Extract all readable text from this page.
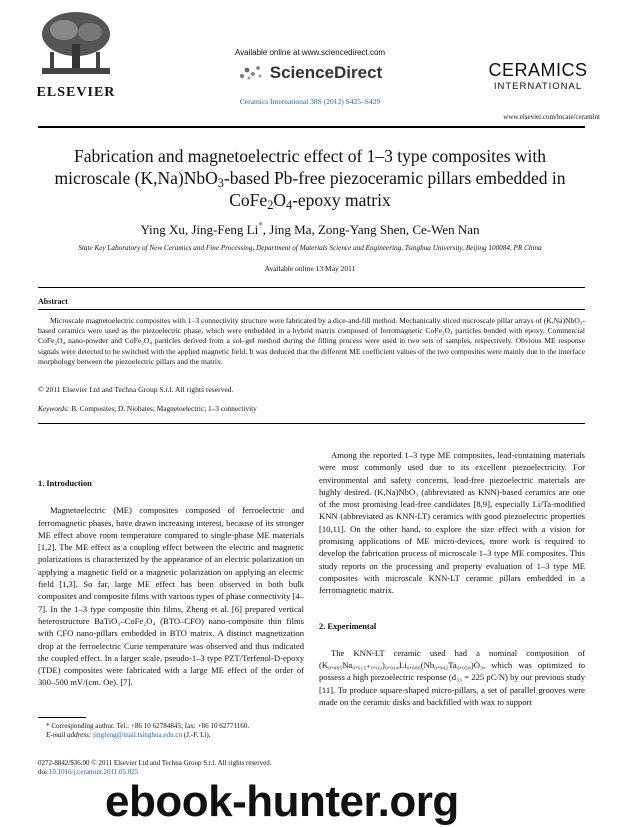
ELSEVIER
Available online at www.sciencedirect.com
ScienceDirect
Ceramics International 38S (2012) S425–S429
CERAMICS
INTERNATIONAL
www.elsevier.com/locate/ceramint
Fabrication and magnetoelectric effect of 1–3 type composites with
microscale (K,Na)NbO$_3$-based Pb-free piezoceramic pillars embedded in
$CoFe_2O_4$-epoxy matrix
Ying Xu, Jing-Feng Li*, Jing Ma, Zong-Yang Shen, Ce-Wen Nan
State Key Laboratory of New Ceramics and Fine Processing, Department of Materials Science and Engineering, Tsinghua University, Beijing 100084, PR China
Available online 13 May 2011
Abstract
Microscale magnetoelectric composites with 1–3 connectivity structure were fabricated by a dice-and-fill method. Mechanically sliced microscale pillar arrays of (K,Na)NbO₃-based ceramics were used as the piezoelectric phase, which were embedded in a hybrid matrix composed of ferromagnetic CoFe₂O₄ particles bonded with epoxy. Commercial CoFe₂O₄ nano-powder and CoFe₂O₄ particles derived from a sol–gel method during the filling process were used in two sets of samples, respectively. Obvious ME response signals were detected to be switched with the applied magnetic field. It was deduced that the different ME coefficient values of the two composites were mainly due to the interface morphology between the piezoelectric pillars and the matrix.
© 2011 Elsevier Ltd and Techna Group S.r.l. All rights reserved.
Keywords: B. Composites; D. Niobates; Magnetoelectric; 1–3 connectivity
1. Introduction
Magnetoelectric (ME) composites composed of ferroelectric and ferromagnetic phases, have drawn increasing interest, because of its stronger ME effect above room temperature compared to single-phase ME materials [1,2]. The ME effect as a coupling effect between the electric and magnetic polarizations is characterized by the appearance of an electric polarization on applying a magnetic field or a magnetic polarization on applying an electric field [1,3]. So far, large ME effect has been observed in both bulk composites and composite films with various types of phase connectivity [4–7]. In the 1–3 type composite thin films, Zheng et al. [6] prepared vertical heterostructure BaTiO₃–CoFe₂O₄ (BTO–CFO) nano-composite thin films with CFO nano-pillars embedded in BTO matrix. A distinct magnetization drop at the ferroelectric Curie temperature was observed and thus indicated the coupled effect. In a larger scale, pseudo-1–3 type PZT/Terfenol-D-epoxy (TDE) composites were fabricated with a large ME effect of the order of 300–500 mV/(cm. Oe). [7].
Among the reported 1–3 type ME composites, lead-containing materials were most commonly used due to its excellent piezoelectricity. For environmental and safety concerns, lead-free piezoelectric materials are highly desired. (K,Na)NbO₃ (abbreviated as KNN)-based ceramics are one of the most promising lead-free candidates [8,9], especially Li/Ta-modified KNN (abbreviated as KNN-LT) ceramics with good piezoelectric properties [10,11]. On the other hand, to explore the size effect with a vision for promising applications of ME micro-devices, more work is required to develop the fabrication process of microscale 1–3 type ME composites. This study reports on the processing and property evaluation of 1–3 type ME composites with microscale KNN-LT ceramic pillars embedded in a ferromagnetic matrix.
2. Experimental
The KNN-LT ceramic used had a nominal composition of (K₀.₄₈₅Na₀.₅₁₅₊₀.₀₂)₀.₉₁₄Li₀.₀₈₆(Nb₀.₉₄₂Ta₀.₀₅₈)O₃, which was optimized to possess a high piezoelectric response (d₃₃ = 225 pC/N) by our previous study [11]. To produce square-shaped micro-pillars, a set of parallel grooves were made on the ceramic disks and backfilled with wax to support
* Corresponding author. Tel.: +86 10 62784845; fax: +86 10 62771160.
E-mail address: jingfeng@mail.tsinghua.edu.cn (J.-F. Li).
0272-8842/$36.00 © 2011 Elsevier Ltd and Techna Group S.r.l. All rights reserved.
doi:10.1016/j.ceramint.2011.05.025
ebook-hunter.org
